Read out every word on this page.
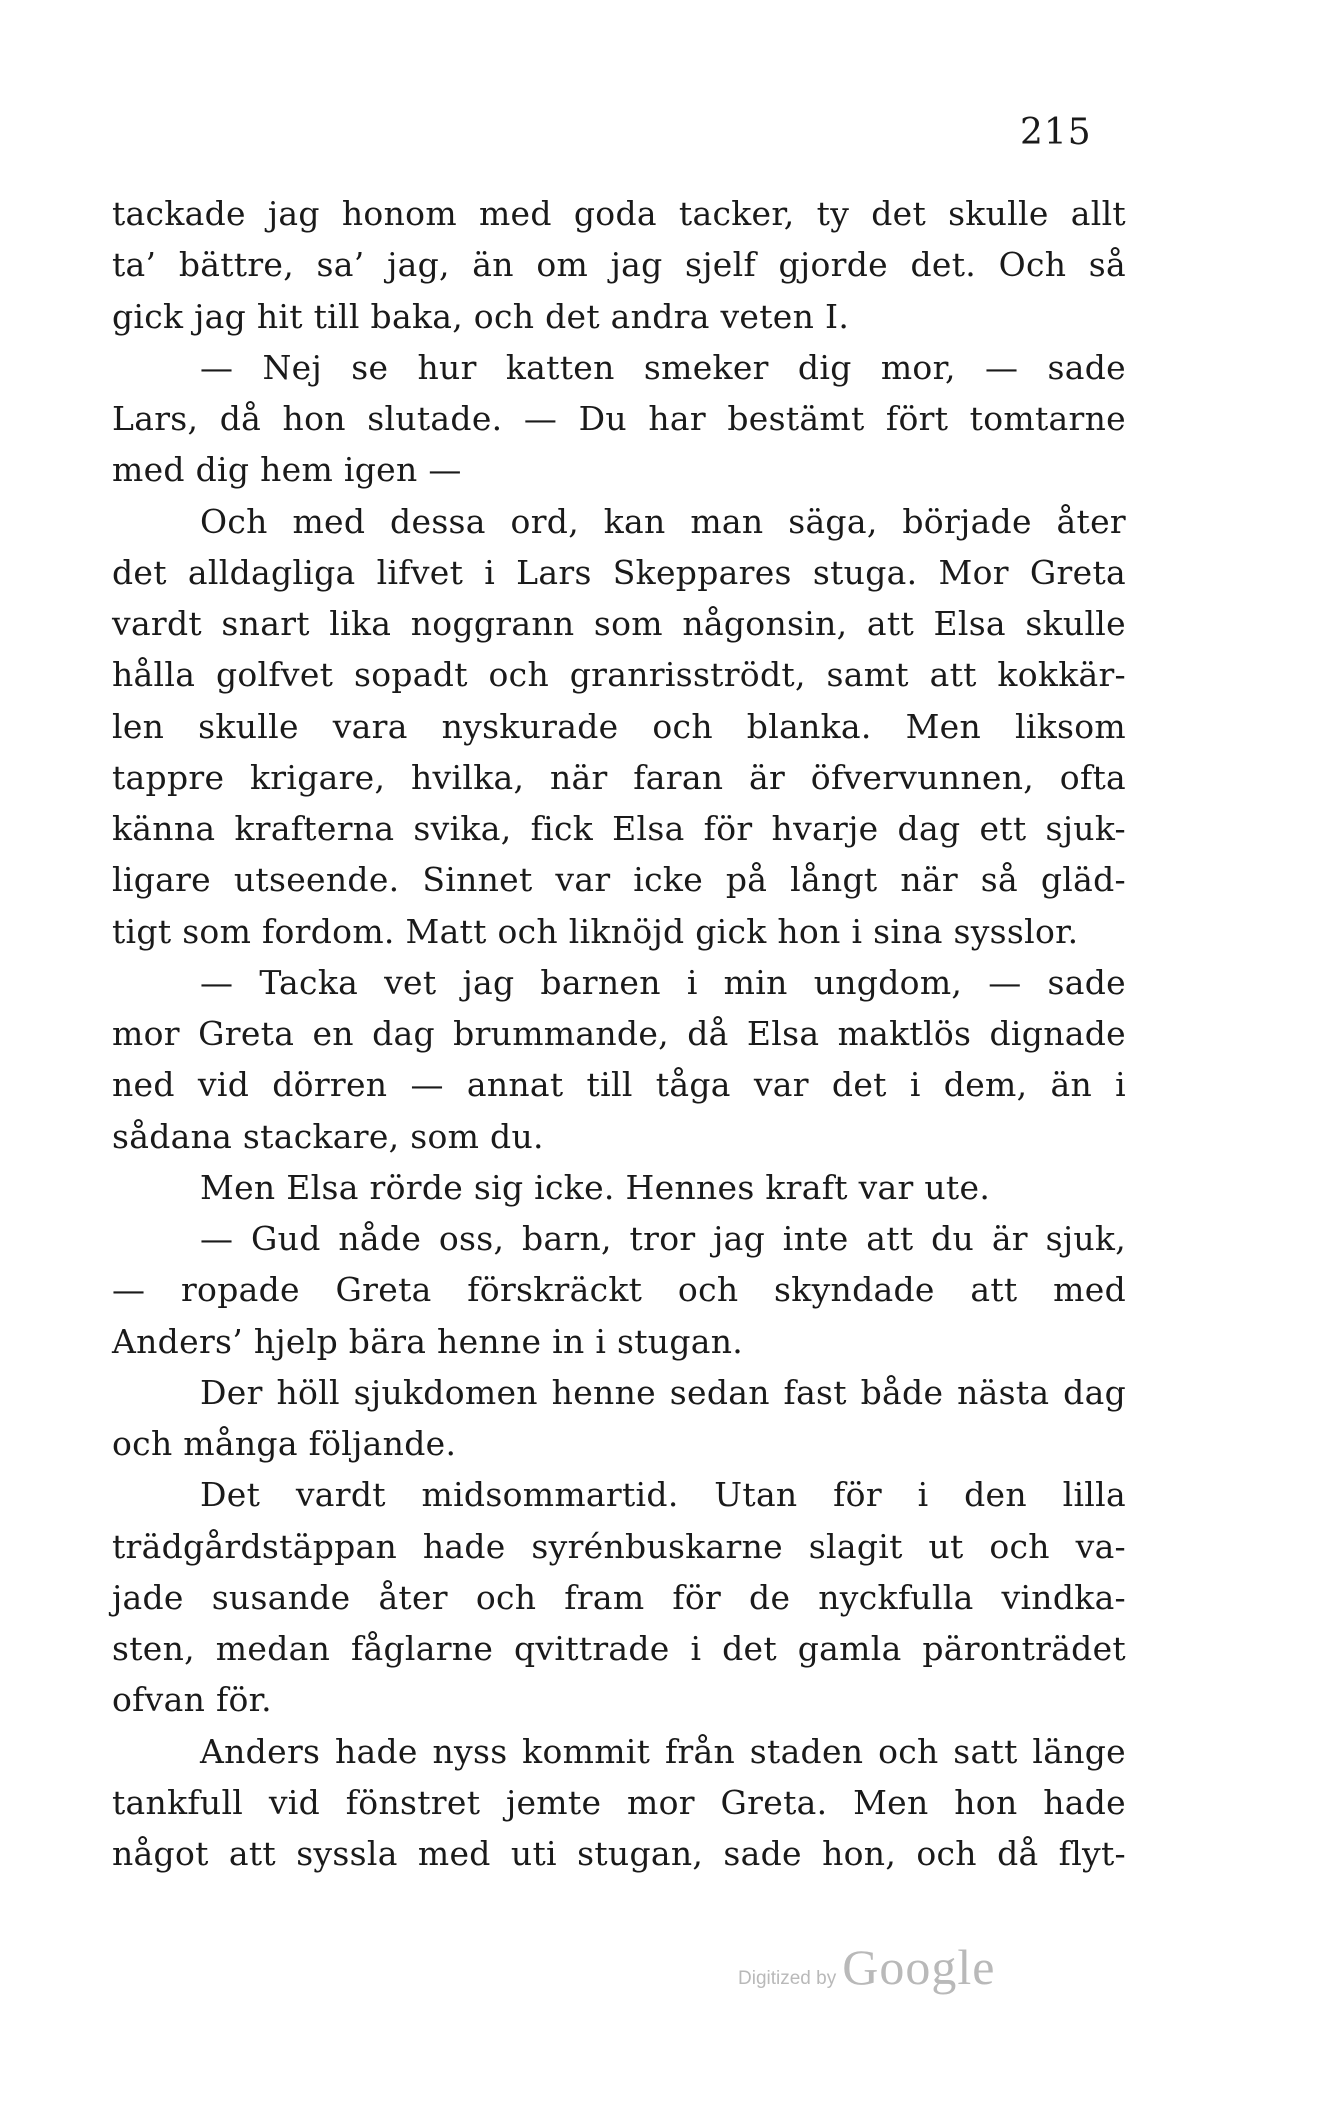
215
tackade jag honom med goda tacker, ty det skulle allt
ta’ bättre, sa’ jag, än om jag sjelf gjorde det. Och så
gick jag hit till baka, och det andra veten I.
— Nej se hur katten smeker dig mor, — sade
Lars, då hon slutade. — Du har bestämt fört tomtarne
med dig hem igen —
Och med dessa ord, kan man säga, började åter
det alldagliga lifvet i Lars Skeppares stuga. Mor Greta
vardt snart lika noggrann som någonsin, att Elsa skulle
hålla golfvet sopadt och granrisströdt, samt att kokkär-
len skulle vara nyskurade och blanka. Men liksom
tappre krigare, hvilka, när faran är öfvervunnen, ofta
känna krafterna svika, fick Elsa för hvarje dag ett sjuk-
ligare utseende. Sinnet var icke på långt när så gläd-
tigt som fordom. Matt och liknöjd gick hon i sina sysslor.
— Tacka vet jag barnen i min ungdom, — sade
mor Greta en dag brummande, då Elsa maktlös dignade
ned vid dörren — annat till tåga var det i dem, än i
sådana stackare, som du.
Men Elsa rörde sig icke. Hennes kraft var ute.
— Gud nåde oss, barn, tror jag inte att du är sjuk,
— ropade Greta förskräckt och skyndade att med
Anders’ hjelp bära henne in i stugan.
Der höll sjukdomen henne sedan fast både nästa dag
och många följande.
Det vardt midsommartid. Utan för i den lilla
trädgårdstäppan hade syrénbuskarne slagit ut och va-
jade susande åter och fram för de nyckfulla vindka-
sten, medan fåglarne qvittrade i det gamla päronträdet
ofvan för.
Anders hade nyss kommit från staden och satt länge
tankfull vid fönstret jemte mor Greta. Men hon hade
något att syssla med uti stugan, sade hon, och då flyt-
Digitized by Google
